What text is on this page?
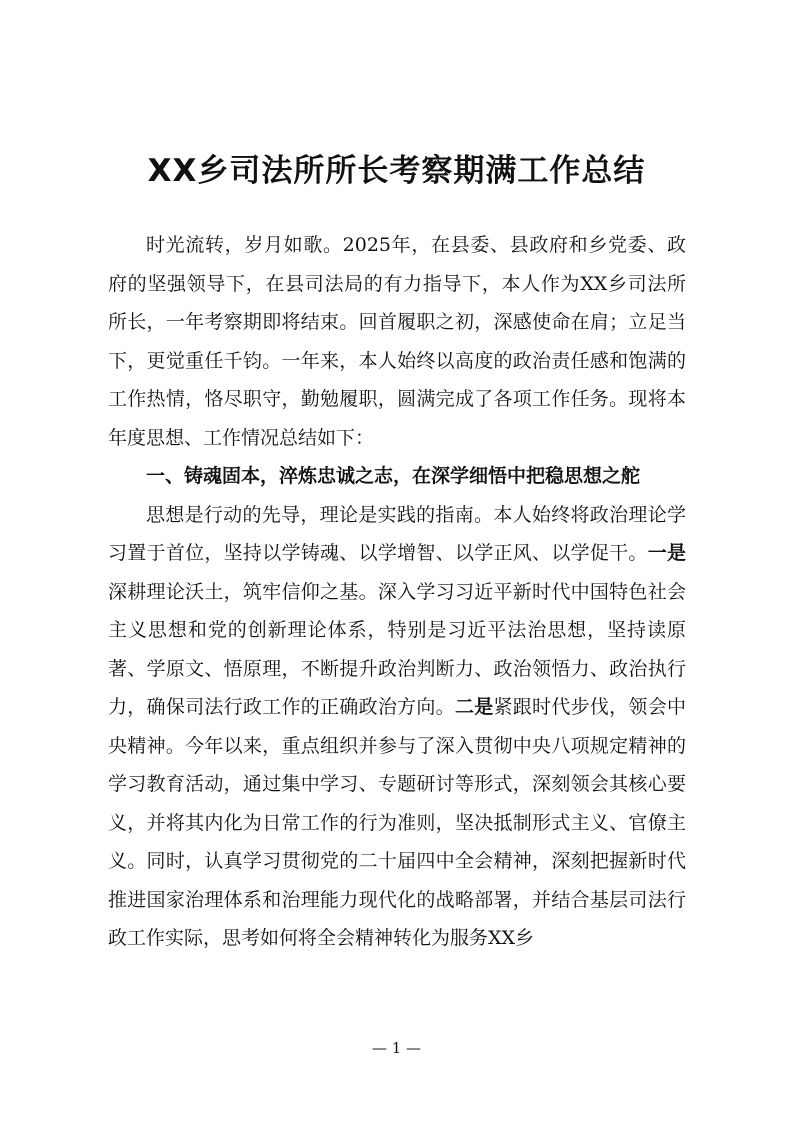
XX乡司法所所长考察期满工作总结

时光流转，岁月如歌。2025年，在县委、县政府和乡党委、政府的坚强领导下，在县司法局的有力指导下，本人作为XX乡司法所所长，一年考察期即将结束。回首履职之初，深感使命在肩；立足当下，更觉重任千钧。一年来，本人始终以高度的政治责任感和饱满的工作热情，恪尽职守，勤勉履职，圆满完成了各项工作任务。现将本年度思想、工作情况总结如下：

一、铸魂固本，淬炼忠诚之志，在深学细悟中把稳思想之舵

思想是行动的先导，理论是实践的指南。本人始终将政治理论学习置于首位，坚持以学铸魂、以学增智、以学正风、以学促干。一是深耕理论沃土，筑牢信仰之基。深入学习习近平新时代中国特色社会主义思想和党的创新理论体系，特别是习近平法治思想，坚持读原著、学原文、悟原理，不断提升政治判断力、政治领悟力、政治执行力，确保司法行政工作的正确政治方向。二是紧跟时代步伐，领会中央精神。今年以来，重点组织并参与了深入贯彻中央八项规定精神的学习教育活动，通过集中学习、专题研讨等形式，深刻领会其核心要义，并将其内化为日常工作的行为准则，坚决抵制形式主义、官僚主义。同时，认真学习贯彻党的二十届四中全会精神，深刻把握新时代推进国家治理体系和治理能力现代化的战略部署，并结合基层司法行政工作实际，思考如何将全会精神转化为服务XX乡

— 1 —
